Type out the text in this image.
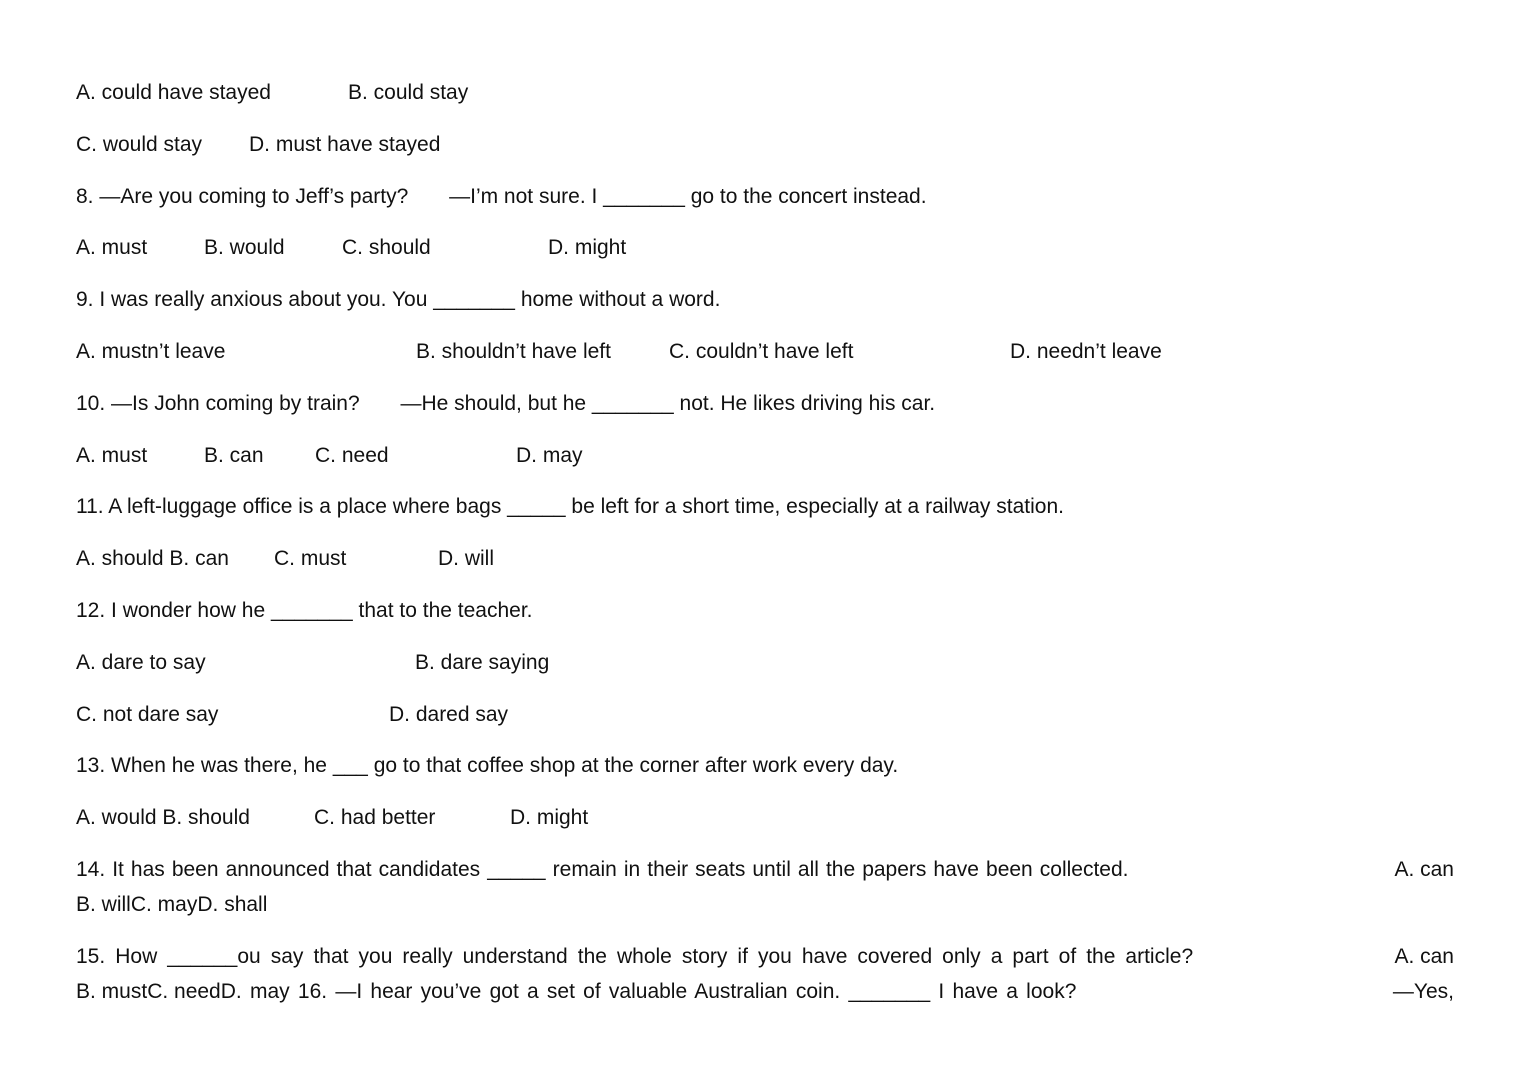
A. could have stayed	B. could stay
C. would stay D. must have stayed
8. —Are you coming to Jeff’s party?       —I’m not sure. I _______ go to the concert instead.
A. must	B. would	C. should	D. might
9. I was really anxious about you. You _______ home without a word.
A. mustn’t leave	B. shouldn’t have left	C. couldn’t have left	D. needn’t leave
10. —Is John coming by train?       —He should, but he _______ not. He likes driving his car.
A. must	B. can C. need	D. may
11. A left-luggage office is a place where bags _____ be left for a short time, especially at a railway station.
A. should B. can C. must	D. will
12. I wonder how he _______ that to the teacher.
A. dare to say	B. dare saying
C. not dare say	D. dared say
13. When he was there, he ___ go to that coffee shop at the corner after work every day.
A. would B. should	C. had better	D. might
14. It has been announced that candidates _____ remain in their seats until all the papers have been collected.	A. can
B. willC. mayD. shall
15. How ______ou say that you really understand the whole story if you have covered only a part of the article?	A. can
B. mustC. needD. may 16. —I hear you’ve got a set of valuable Australian coin. _______ I have a look?	—Yes,
